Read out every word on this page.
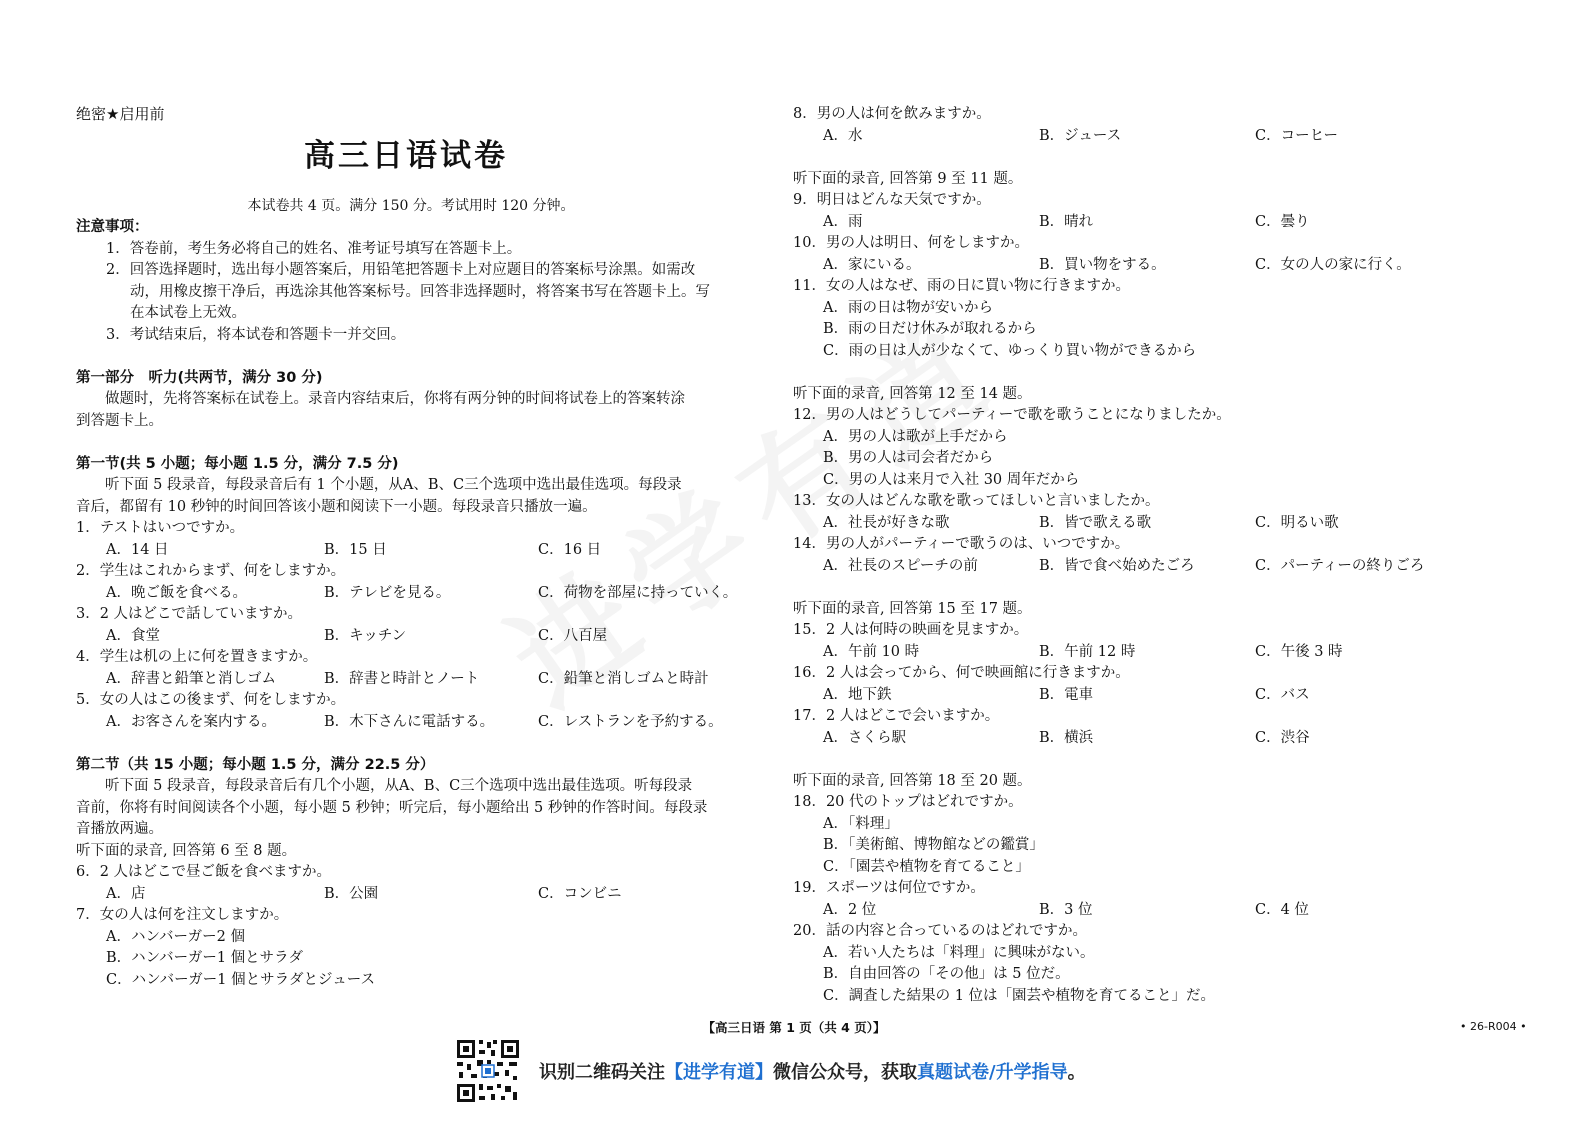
绝密★启用前
高三日语试卷
本试卷共 4 页。满分 150 分。考试用时 120 分钟。
注意事项：
1．答卷前，考生务必将自己的姓名、准考证号填写在答题卡上。
2．回答选择题时，选出每小题答案后，用铅笔把答题卡上对应题目的答案标号涂黑。如需改
动，用橡皮擦干净后，再选涂其他答案标号。回答非选择题时，将答案书写在答题卡上。写
在本试卷上无效。
3．考试结束后，将本试卷和答题卡一并交回。
第一部分　听力(共两节，满分 30 分)
做题时，先将答案标在试卷上。录音内容结束后，你将有两分钟的时间将试卷上的答案转涂
到答题卡上。
第一节(共 5 小题；每小题 1.5 分，满分 7.5 分)
听下面 5 段录音，每段录音后有 1 个小题，从A、B、C三个选项中选出最佳选项。每段录
音后，都留有 10 秒钟的时间回答该小题和阅读下一小题。每段录音只播放一遍。
1．テストはいつですか。
A．14 日	B．15 日	C．16 日
2．学生はこれからまず、何をしますか。
A．晩ご飯を食べる。	B．テレビを見る。	C．荷物を部屋に持っていく。
3．2 人はどこで話していますか。
A．食堂	B．キッチン	C．八百屋
4．学生は机の上に何を置きますか。
A．辞書と鉛筆と消しゴム	B．辞書と時計とノート	C．鉛筆と消しゴムと時計
5．女の人はこの後まず、何をしますか。
A．お客さんを案内する。	B．木下さんに電話する。	C．レストランを予約する。
第二节（共 15 小题；每小题 1.5 分，满分 22.5 分）
听下面 5 段录音，每段录音后有几个小题，从A、B、C三个选项中选出最佳选项。听每段录
音前，你将有时间阅读各个小题，每小题 5 秒钟；听完后，每小题给出 5 秒钟的作答时间。每段录
音播放两遍。
听下面的录音, 回答第 6 至 8 题。
6．2 人はどこで昼ご飯を食べますか。
A．店	B．公園	C．コンビニ
7．女の人は何を注文しますか。
A．ハンバーガー2 個
B．ハンバーガー1 個とサラダ
C．ハンバーガー1 個とサラダとジュース
8．男の人は何を飲みますか。
A．水	B．ジュース	C．コーヒー
听下面的录音, 回答第 9 至 11 题。
9．明日はどんな天気ですか。
A．雨	B．晴れ	C．曇り
10．男の人は明日、何をしますか。
A．家にいる。	B．買い物をする。	C．女の人の家に行く。
11．女の人はなぜ、雨の日に買い物に行きますか。
A．雨の日は物が安いから
B．雨の日だけ休みが取れるから
C．雨の日は人が少なくて、ゆっくり買い物ができるから
听下面的录音, 回答第 12 至 14 题。
12．男の人はどうしてパーティーで歌を歌うことになりましたか。
A．男の人は歌が上手だから
B．男の人は司会者だから
C．男の人は来月で入社 30 周年だから
13．女の人はどんな歌を歌ってほしいと言いましたか。
A．社長が好きな歌	B．皆で歌える歌	C．明るい歌
14．男の人がパーティーで歌うのは、いつですか。
A．社長のスピーチの前	B．皆で食べ始めたごろ	C．パーティーの終りごろ
听下面的录音, 回答第 15 至 17 题。
15．2 人は何時の映画を見ますか。
A．午前 10 時	B．午前 12 時	C．午後 3 時
16．2 人は会ってから、何で映画館に行きますか。
A．地下鉄	B．電車	C．バス
17．2 人はどこで会いますか。
A．さくら駅	B．横浜	C．渋谷
听下面的录音, 回答第 18 至 20 题。
18．20 代のトップはどれですか。
A．「料理」
B．「美術館、博物館などの鑑賞」
C．「園芸や植物を育てること」
19．スポーツは何位ですか。
A．2 位	B．3 位	C．4 位
20．話の内容と合っているのはどれですか。
A．若い人たちは「料理」に興味がない。
B．自由回答の「その他」は 5 位だ。
C．調査した結果の 1 位は「園芸や植物を育てること」だ。
【高三日语 第 1 页（共 4 页）】	• 26-R004 •
识别二维码关注【进学有道】微信公众号，获取真题试卷/升学指导。
